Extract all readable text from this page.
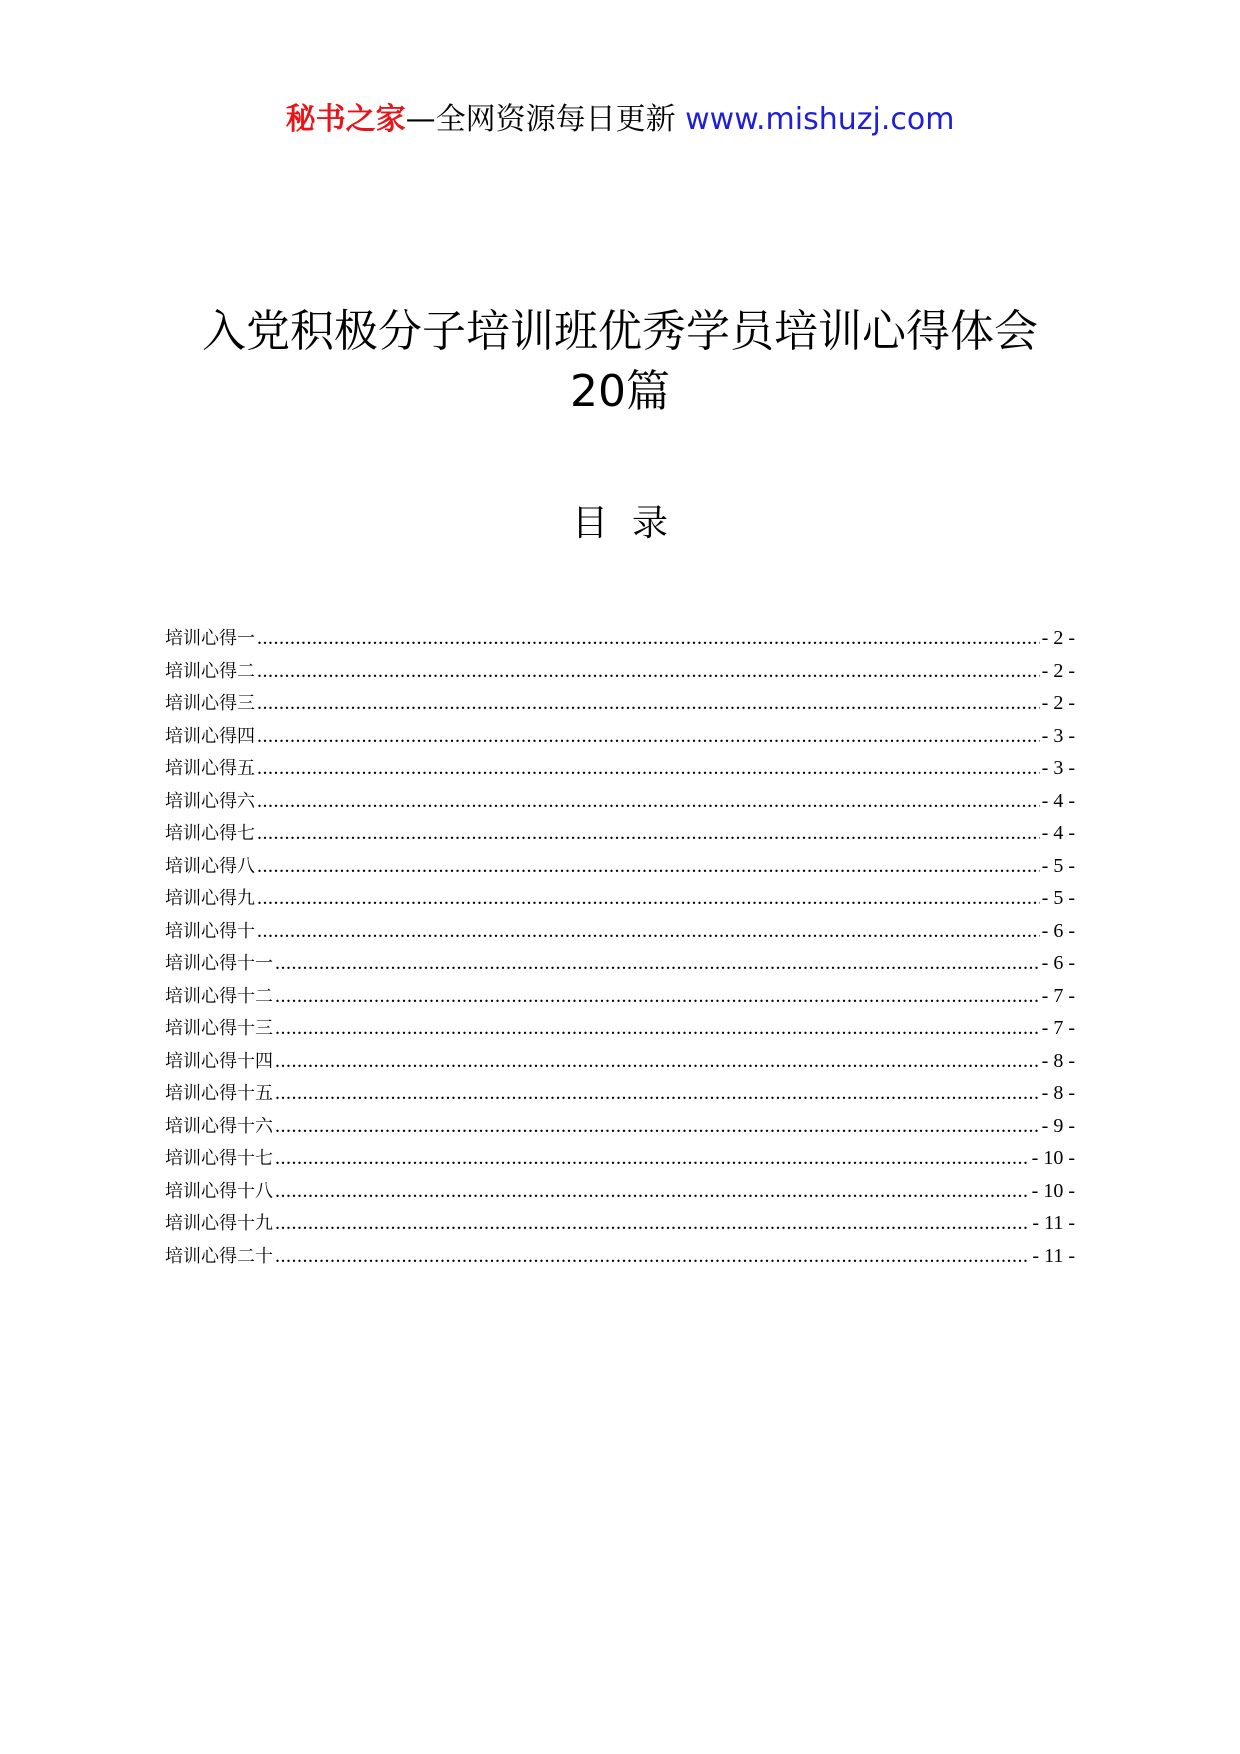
秘书之家—全网资源每日更新 www.mishuzj.com
入党积极分子培训班优秀学员培训心得体会
20篇
目录
培训心得一 .....	- 2 -
培训心得二 .....	- 2 -
培训心得三 .....	- 2 -
培训心得四 .....	- 3 -
培训心得五 .....	- 3 -
培训心得六 .....	- 4 -
培训心得七 .....	- 4 -
培训心得八 .....	- 5 -
培训心得九 .....	- 5 -
培训心得十 .....	- 6 -
培训心得十一 .....	- 6 -
培训心得十二 .....	- 7 -
培训心得十三 .....	- 7 -
培训心得十四 .....	- 8 -
培训心得十五 .....	- 8 -
培训心得十六 .....	- 9 -
培训心得十七 .....	- 10 -
培训心得十八 .....	- 10 -
培训心得十九 .....	- 11 -
培训心得二十 .....	- 11 -
